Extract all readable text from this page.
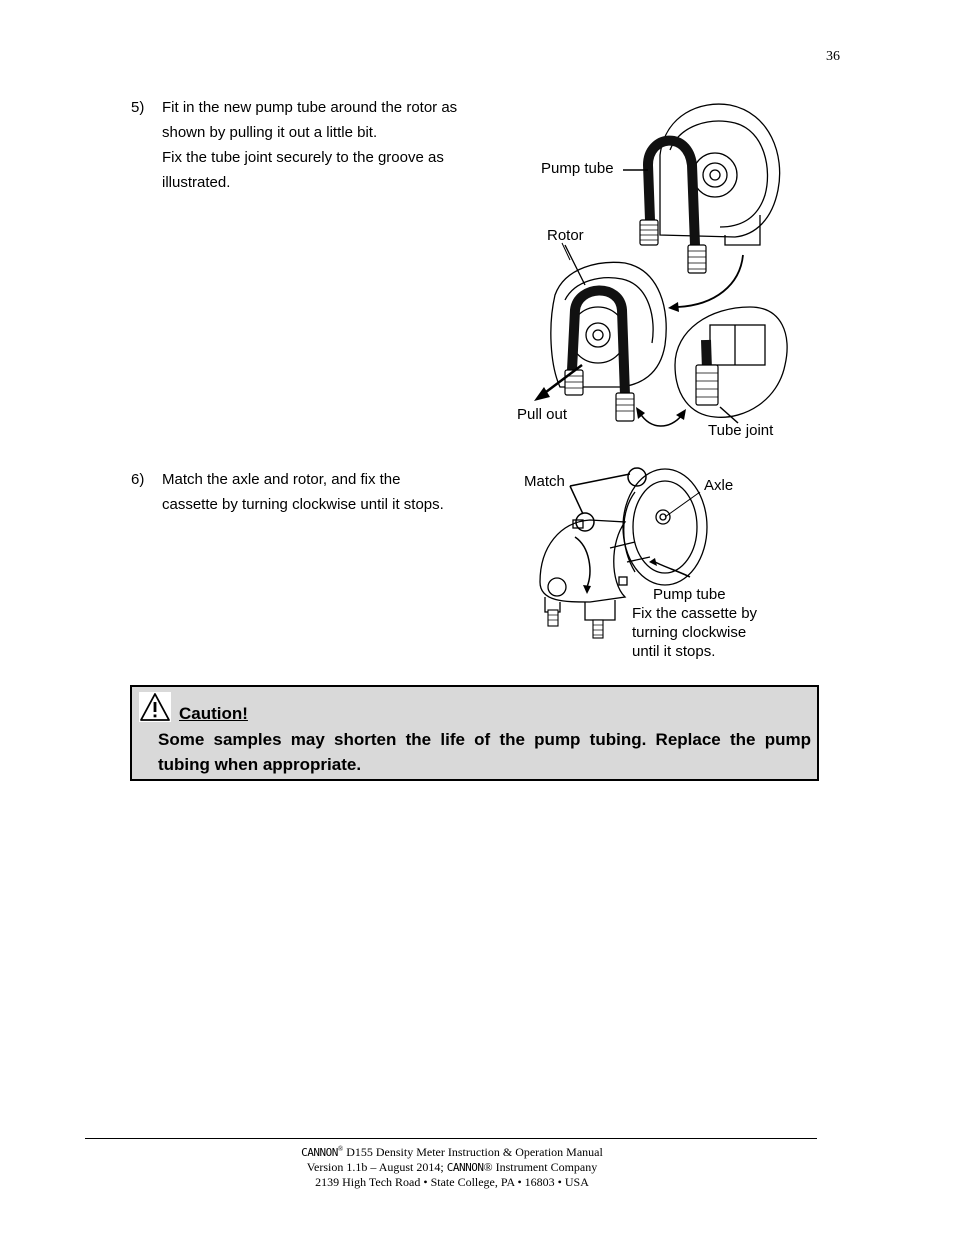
36
5) Fit in the new pump tube around the rotor as
shown by pulling it out a little bit.
Fix the tube joint securely to the groove as
illustrated.
Pump tube
Rotor
Pull out
Tube joint
6) Match the axle and rotor, and fix the
cassette by turning clockwise until it stops.
Match	Axle
Pump tube
Fix the cassette by
turning clockwise
until it stops.
Caution!
Some samples may shorten the life of the pump tubing. Replace the pump tubing when appropriate.
CANNON® D155 Density Meter Instruction & Operation Manual
Version 1.1b – August 2014; CANNON® Instrument Company
2139 High Tech Road • State College, PA • 16803 • USA
